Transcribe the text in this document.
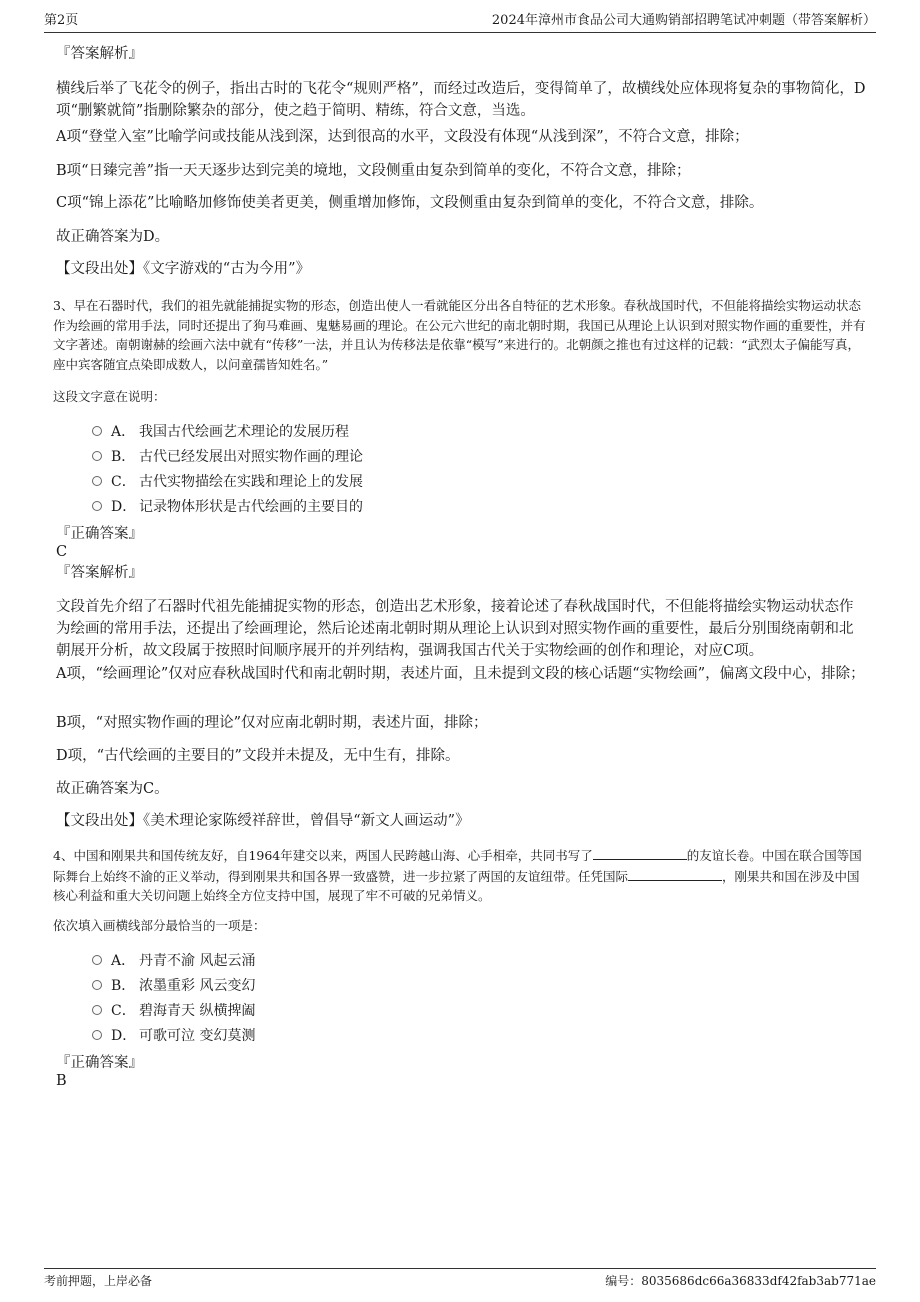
第2页	2024年漳州市食品公司大通购销部招聘笔试冲刺题（带答案解析）
『答案解析』
横线后举了飞花令的例子，指出古时的飞花令“规则严格”，而经过改造后，变得简单了，故横线处应体现将复杂的事物简化，D项“删繁就简”指删除繁杂的部分，使之趋于简明、精练，符合文意，当选。
A项“登堂入室”比喻学问或技能从浅到深，达到很高的水平，文段没有体现“从浅到深”，不符合文意，排除；
B项“日臻完善”指一天天逐步达到完美的境地，文段侧重由复杂到简单的变化，不符合文意，排除；
C项“锦上添花”比喻略加修饰使美者更美，侧重增加修饰，文段侧重由复杂到简单的变化，不符合文意，排除。
故正确答案为D。
【文段出处】《文字游戏的“古为今用”》
3、早在石器时代，我们的祖先就能捕捉实物的形态，创造出使人一看就能区分出各自特征的艺术形象。春秋战国时代，不但能将描绘实物运动状态作为绘画的常用手法，同时还提出了狗马难画、鬼魅易画的理论。在公元六世纪的南北朝时期，我国已从理论上认识到对照实物作画的重要性，并有文字著述。南朝谢赫的绘画六法中就有“传移”一法，并且认为传移法是依靠“模写”来进行的。北朝颜之推也有过这样的记载：“武烈太子偏能写真，座中宾客随宜点染即成数人，以问童孺皆知姓名。”
这段文字意在说明：
A． 我国古代绘画艺术理论的发展历程
B． 古代已经发展出对照实物作画的理论
C． 古代实物描绘在实践和理论上的发展
D． 记录物体形状是古代绘画的主要目的
『正确答案』
C
『答案解析』
文段首先介绍了石器时代祖先能捕捉实物的形态，创造出艺术形象，接着论述了春秋战国时代，不但能将描绘实物运动状态作为绘画的常用手法，还提出了绘画理论，然后论述南北朝时期从理论上认识到对照实物作画的重要性，最后分别围绕南朝和北朝展开分析，故文段属于按照时间顺序展开的并列结构，强调我国古代关于实物绘画的创作和理论，对应C项。
A项，“绘画理论”仅对应春秋战国时代和南北朝时期，表述片面，且未提到文段的核心话题“实物绘画”，偏离文段中心，排除；
B项，“对照实物作画的理论”仅对应南北朝时期，表述片面，排除；
D项，“古代绘画的主要目的”文段并未提及，无中生有，排除。
故正确答案为C。
【文段出处】《美术理论家陈绶祥辞世，曾倡导“新文人画运动”》
4、中国和刚果共和国传统友好，自1964年建交以来，两国人民跨越山海、心手相牵，共同书写了	的友谊长卷。中国在联合国等国际舞台上始终不渝的正义举动，得到刚果共和国各界一致盛赞，进一步拉紧了两国的友谊纽带。任凭国际	，刚果共和国在涉及中国核心利益和重大关切问题上始终全方位支持中国，展现了牢不可破的兄弟情义。
依次填入画横线部分最恰当的一项是：
A． 丹青不渝 风起云涌
B． 浓墨重彩 风云变幻
C． 碧海青天 纵横捭阖
D． 可歌可泣 变幻莫测
『正确答案』
B
考前押题，上岸必备	编号：8035686dc66a36833df42fab3ab771ae
